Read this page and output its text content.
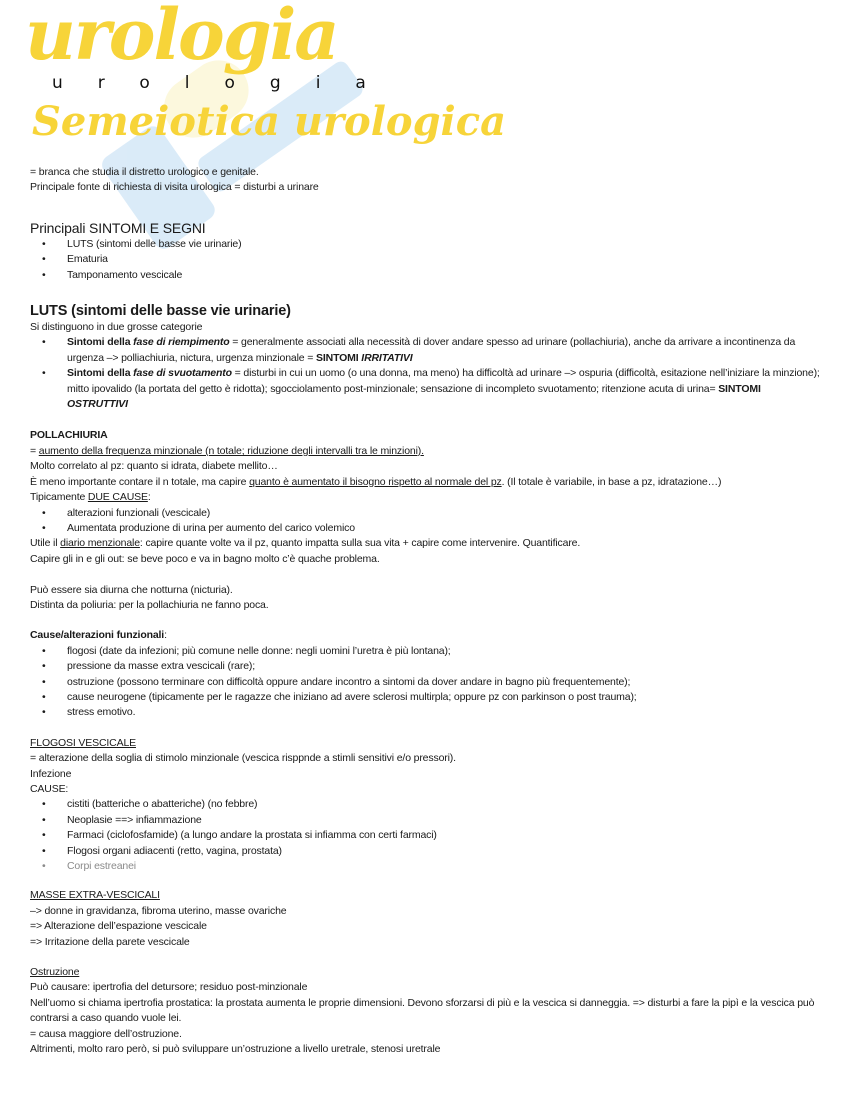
urologia
urologia
Semeiotica urologica

= branca che studia il distretto urologico e genitale.

Principale fonte di richiesta di visita urologica = disturbi a urinare

Principali SINTOMI E SEGNI

• LUTS (sintomi delle basse vie urinarie)
• Ematuria
• Tamponamento vescicale

LUTS (sintomi delle basse vie urinarie)

Si distinguono in due grosse categorie

• Sintomi della fase di riempimento = generalmente associati alla necessità di dover andare spesso ad urinare (pollachiuria), anche da arrivare a incontinenza da urgenza –> polliachiuria, nictura, urgenza minzionale = SINTOMI IRRITATIVI
• Sintomi della fase di svuotamento = disturbi in cui un uomo (o una donna, ma meno) ha difficoltà ad urinare –> ospuria (difficoltà, esitazione nell’iniziare la minzione); mitto ipovalido (la portata del getto è ridotta); sgocciolamento post-minzionale; sensazione di incompleto svuotamento; ritenzione acuta di urina= SINTOMI OSTRUTTIVI

POLLACHIURIA

= aumento della frequenza minzionale (n totale; riduzione degli intervalli tra le minzioni).

Molto correlato al pz: quanto si idrata, diabete mellito…

È meno importante contare il n totale, ma capire quanto è aumentato il bisogno rispetto al normale del pz. (Il totale è variabile, in base a pz, idratazione…)

Tipicamente DUE CAUSE:

• alterazioni funzionali (vescicale)
• Aumentata produzione di urina per aumento del carico volemico

Utile il diario menzionale: capire quante volte va il pz, quanto impatta sulla sua vita + capire come intervenire. Quantificare.

Capire gli in e gli out: se beve poco e va in bagno molto c’è quache problema.

Può essere sia diurna che notturna (nicturia).

Distinta da poliuria: per la pollachiuria ne fanno poca.

Cause/alterazioni funzionali:

• flogosi (date da infezioni; più comune nelle donne: negli uomini l’uretra è più lontana);
• pressione da masse extra vescicali (rare);
• ostruzione (possono terminare con difficoltà oppure andare incontro a sintomi da dover andare in bagno più frequentemente);
• cause neurogene (tipicamente per le ragazze che iniziano ad avere sclerosi multirpla; oppure pz con parkinson o post trauma);
• stress emotivo.

FLOGOSI VESCICALE

= alterazione della soglia di stimolo minzionale (vescica risppnde a stimli sensitivi e/o pressori).

Infezione

CAUSE:

• cistiti (batteriche o abatteriche) (no febbre)
• Neoplasie ==> infiammazione
• Farmaci (ciclofosfamide) (a lungo andare la prostata si infiamma con certi farmaci)
• Flogosi organi adiacenti (retto, vagina, prostata)
• Corpi estreanei

MASSE EXTRA-VESCICALI

–> donne in gravidanza, fibroma uterino, masse ovariche

=> Alterazione dell’espazione vescicale

=> Irritazione della parete vescicale

Ostruzione

Può causare: ipertrofia del detursore; residuo post-minzionale

Nell’uomo si chiama ipertrofia prostatica: la prostata aumenta le proprie dimensioni. Devono sforzarsi di più e la vescica si danneggia. => disturbi a fare la pipì e la vescica può contrarsi a caso quando vuole lei.

= causa maggiore dell’ostruzione.

Altrimenti, molto raro però, si può sviluppare un’ostruzione a livello uretrale, stenosi uretrale
